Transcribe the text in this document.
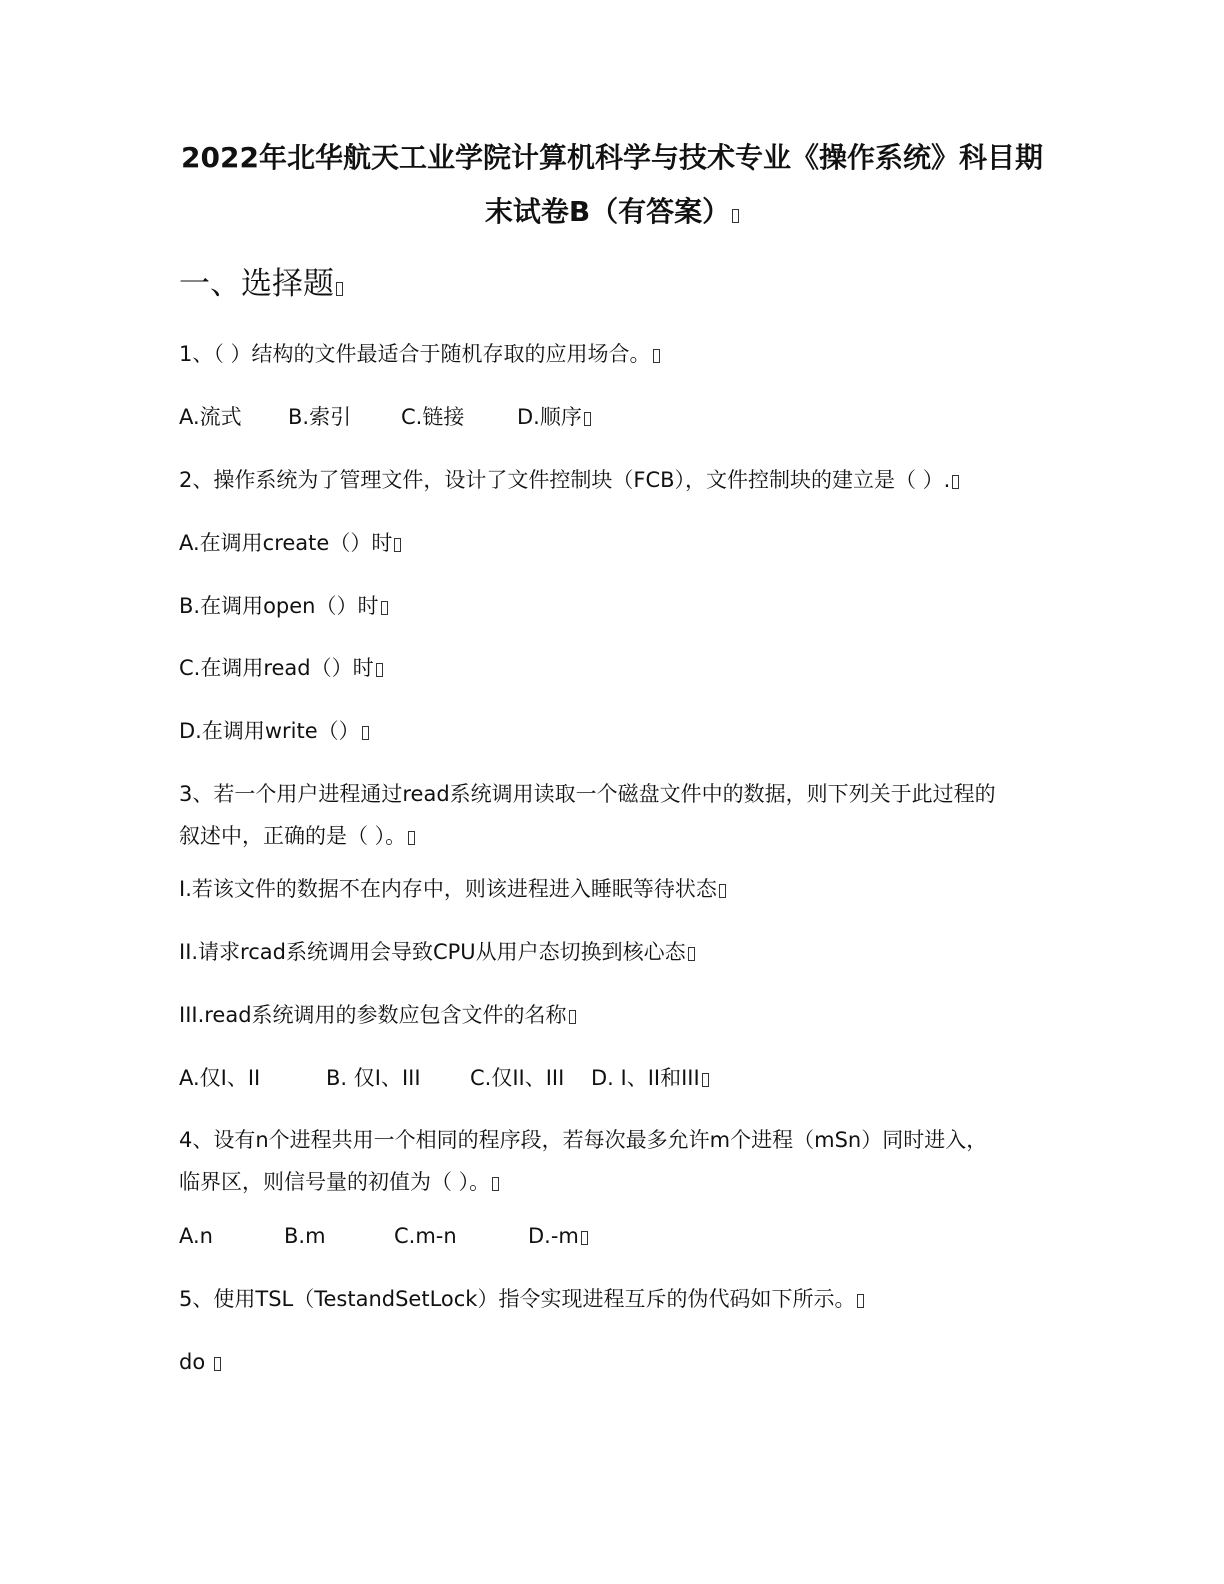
2022年北华航天工业学院计算机科学与技术专业《操作系统》科目期
末试卷B（有答案）
一、选择题
1、（ ）结构的文件最适合于随机存取的应用场合。
A.流式 B.索引 C.链接	D.顺序
2、操作系统为了管理文件，设计了文件控制块（FCB），文件控制块的建立是（ ）.
A.在调用create（）时
B.在调用open（）时
C.在调用read（）时
D.在调用write（）
3、若一个用户进程通过read系统调用读取一个磁盘文件中的数据，则下列关于此过程的
叙述中，正确的是（ ）。
I.若该文件的数据不在内存中，则该进程进入睡眠等待状态
II.请求rcad系统调用会导致CPU从用户态切换到核心态
III.read系统调用的参数应包含文件的名称
A.仅I、II	B. 仅I、III C.仅II、III D. I、II和III
4、设有n个进程共用一个相同的程序段，若每次最多允许m个进程（mSn）同时进入，
临界区，则信号量的初值为（ ）。
A.n	B.m	C.m-n	D.-m
5、使用TSL（TestandSetLock）指令实现进程互斥的伪代码如下所示。
do
